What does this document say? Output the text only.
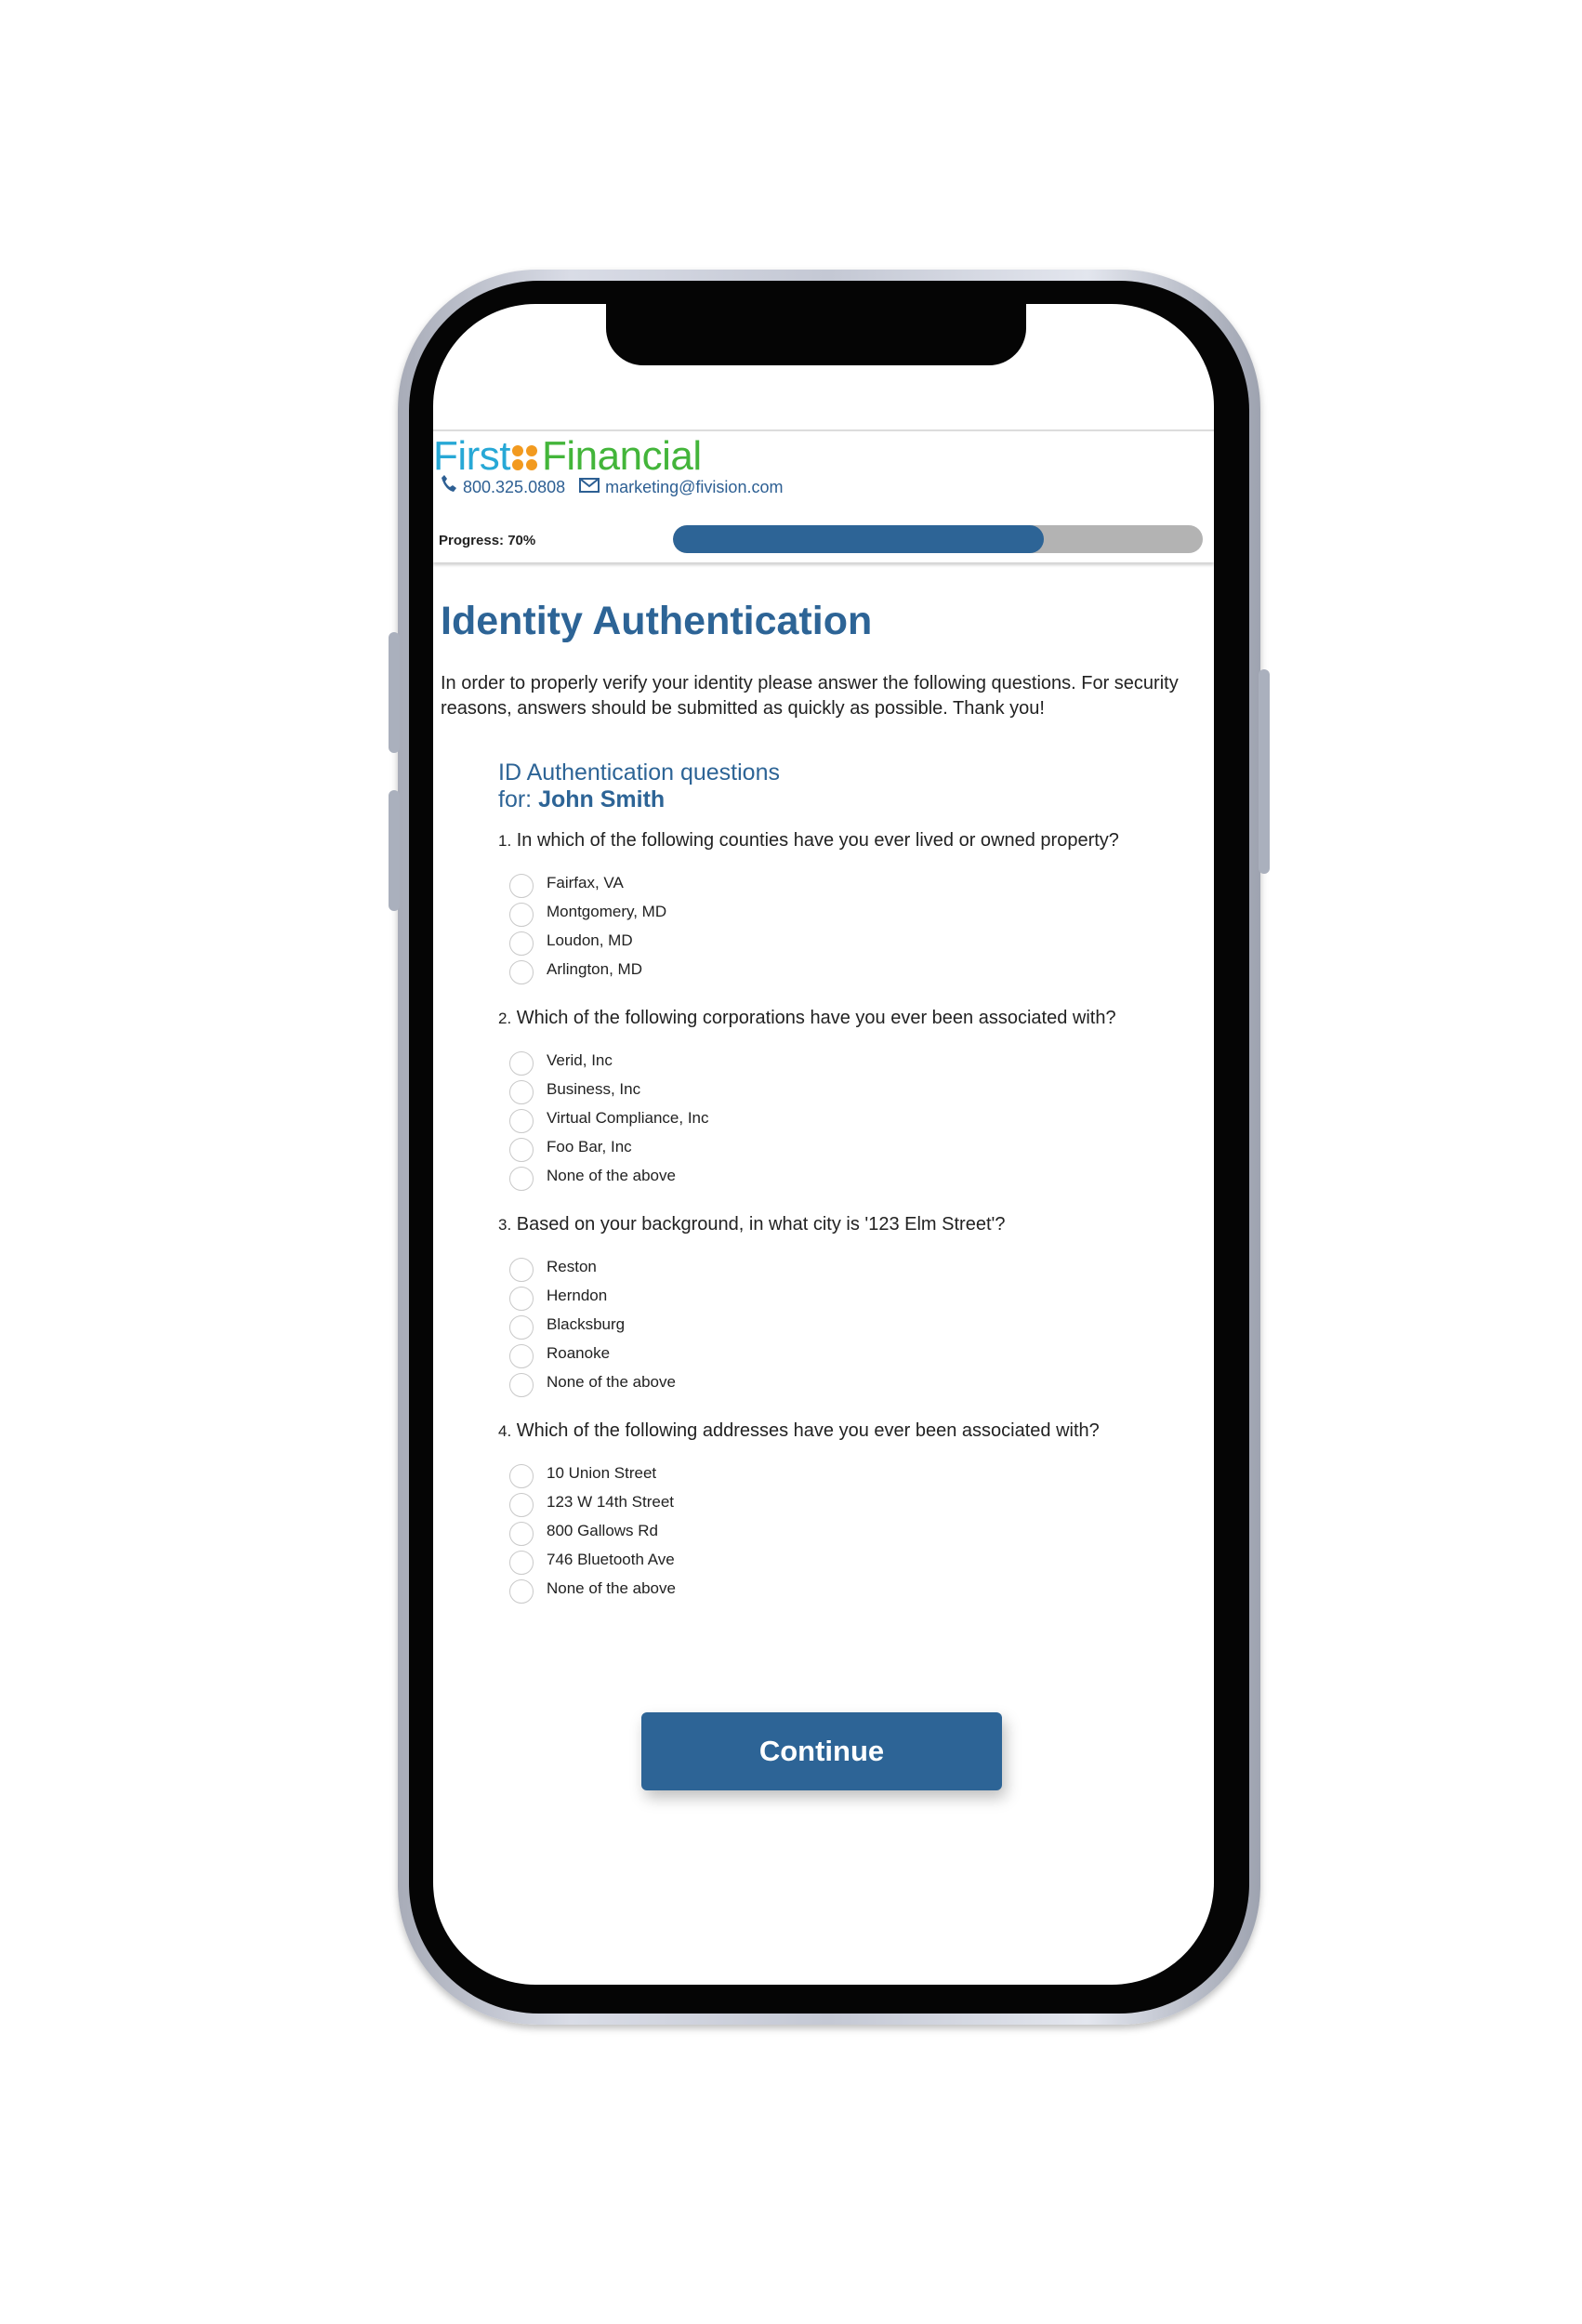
First Financial
800.325.0808 marketing@fivision.com
Progress: 70%
Identity Authentication

In order to properly verify your identity please answer the following questions. For security reasons, answers should be submitted as quickly as possible. Thank you!

ID Authentication questions
for: John Smith
1. In which of the following counties have you ever lived or owned property?
Fairfax, VA
Montgomery, MD
Loudon, MD
Arlington, MD
2. Which of the following corporations have you ever been associated with?
Verid, Inc
Business, Inc
Virtual Compliance, Inc
Foo Bar, Inc
None of the above
3. Based on your background, in what city is '123 Elm Street'?
Reston
Herndon
Blacksburg
Roanoke
None of the above
4. Which of the following addresses have you ever been associated with?
10 Union Street
123 W 14th Street
800 Gallows Rd
746 Bluetooth Ave
None of the above
Continue
